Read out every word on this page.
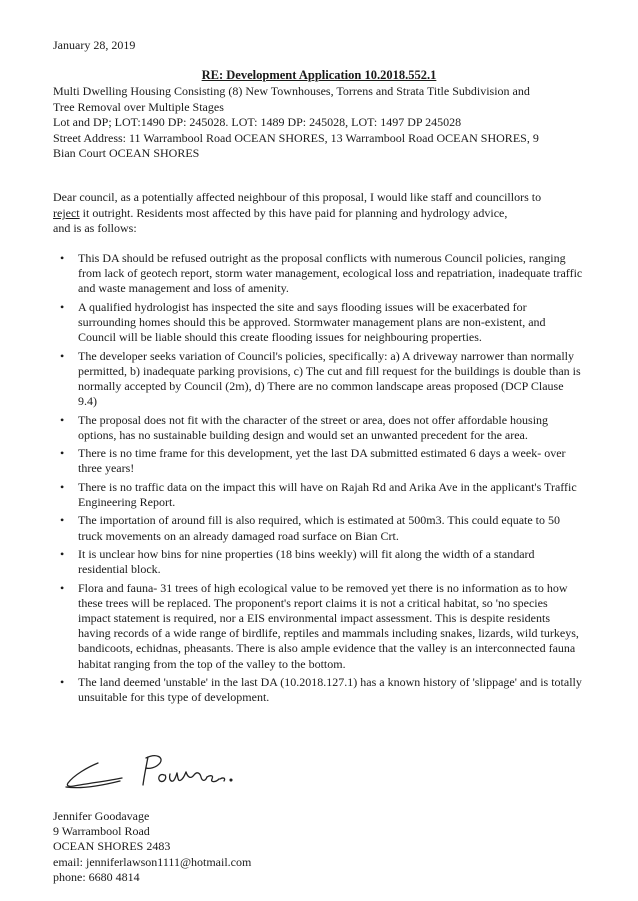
January 28, 2019
RE: Development Application 10.2018.552.1
Multi Dwelling Housing Consisting (8) New Townhouses, Torrens and Strata Title Subdivision and
Tree Removal over Multiple Stages
Lot and DP; LOT:1490 DP: 245028. LOT: 1489 DP: 245028, LOT: 1497 DP 245028
Street Address: 11 Warrambool Road OCEAN SHORES, 13 Warrambool Road OCEAN SHORES, 9
Bian Court OCEAN SHORES
Dear council, as a potentially affected neighbour of this proposal, I would like staff and councillors to
reject it outright. Residents most affected by this have paid for planning and hydrology advice,
and is as follows:
• This DA should be refused outright as the proposal conflicts with numerous Council policies, ranging from lack of geotech report, storm water management, ecological loss and repatriation, inadequate traffic and waste management and loss of amenity.
• A qualified hydrologist has inspected the site and says flooding issues will be exacerbated for surrounding homes should this be approved. Stormwater management plans are non-existent, and Council will be liable should this create flooding issues for neighbouring properties.
• The developer seeks variation of Council's policies, specifically: a) A driveway narrower than normally permitted, b) inadequate parking provisions, c) The cut and fill request for the buildings is double than is normally accepted by Council (2m), d) There are no common landscape areas proposed (DCP Clause 9.4)
• The proposal does not fit with the character of the street or area, does not offer affordable housing options, has no sustainable building design and would set an unwanted precedent for the area.
• There is no time frame for this development, yet the last DA submitted estimated 6 days a week- over three years!
• There is no traffic data on the impact this will have on Rajah Rd and Arika Ave in the applicant's Traffic Engineering Report.
• The importation of around fill is also required, which is estimated at 500m3. This could equate to 50 truck movements on an already damaged road surface on Bian Crt.
• It is unclear how bins for nine properties (18 bins weekly) will fit along the width of a standard residential block.
• Flora and fauna- 31 trees of high ecological value to be removed yet there is no information as to how these trees will be replaced. The proponent's report claims it is not a critical habitat, so 'no species impact statement is required, nor a EIS environmental impact assessment. This is despite residents having records of a wide range of birdlife, reptiles and mammals including snakes, lizards, wild turkeys, bandicoots, echidnas, pheasants. There is also ample evidence that the valley is an interconnected fauna habitat ranging from the top of the valley to the bottom.
• The land deemed 'unstable' in the last DA (10.2018.127.1) has a known history of 'slippage' and is totally unsuitable for this type of development.
Jennifer Goodavage
9 Warrambool Road
OCEAN SHORES 2483
email: jenniferlawson1111@hotmail.com
phone: 6680 4814
